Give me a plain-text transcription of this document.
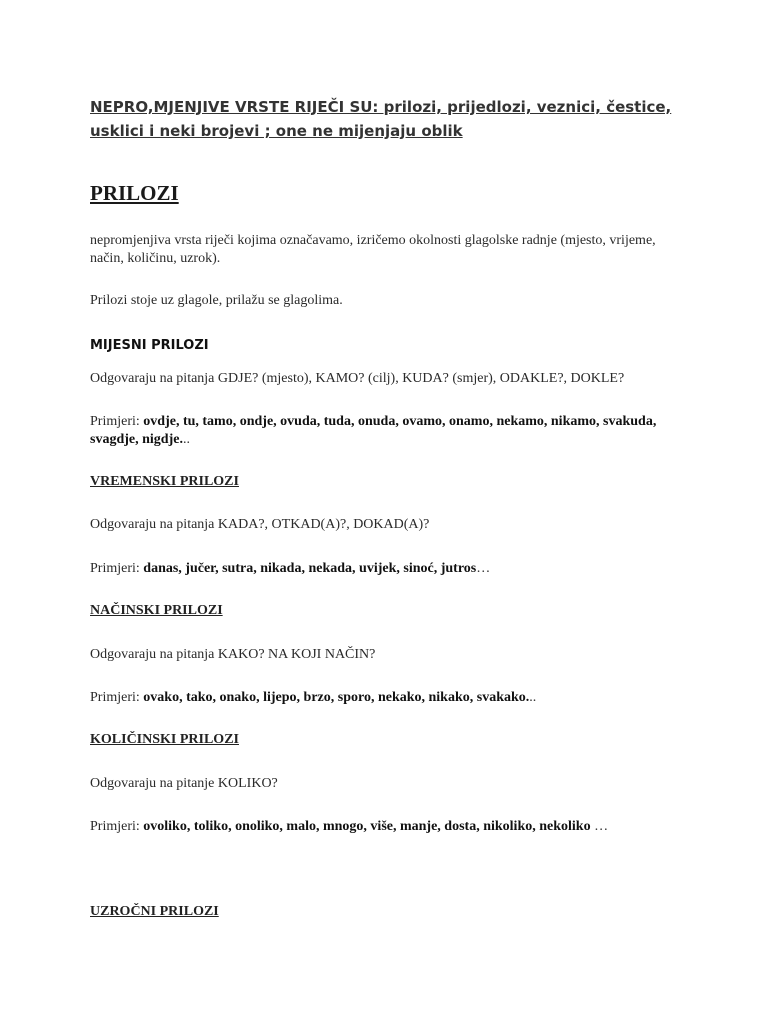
NEPRO,MJENJIVE VRSTE RIJEČI SU: prilozi, prijedlozi, veznici, čestice, usklici i neki brojevi ; one ne mijenjaju oblik
PRILOZI

nepromjenjiva vrsta riječi kojima označavamo, izričemo okolnosti glagolske radnje (mjesto, vrijeme, način, količinu, uzrok).

Prilozi stoje uz glagole, prilažu se glagolima.

MIJESNI PRILOZI

Odgovaraju na pitanja GDJE? (mjesto), KAMO? (cilj), KUDA? (smjer), ODAKLE?, DOKLE?

Primjeri: ovdje, tu, tamo, ondje, ovuda, tuda, onuda, ovamo, onamo, nekamo, nikamo, svakuda, svagdje, nigdje...

VREMENSKI PRILOZI

Odgovaraju na pitanja KADA?, OTKAD(A)?, DOKAD(A)?

Primjeri: danas, jučer, sutra, nikada, nekada, uvijek, sinoć, jutros…

NAČINSKI PRILOZI

Odgovaraju na pitanja KAKO? NA KOJI NAČIN?

Primjeri: ovako, tako, onako, lijepo, brzo, sporo, nekako, nikako, svakako...

KOLIČINSKI PRILOZI

Odgovaraju na pitanje KOLIKO?

Primjeri: ovoliko, toliko, onoliko, malo, mnogo, više, manje, dosta, nikoliko, nekoliko …

UZROČNI PRILOZI
